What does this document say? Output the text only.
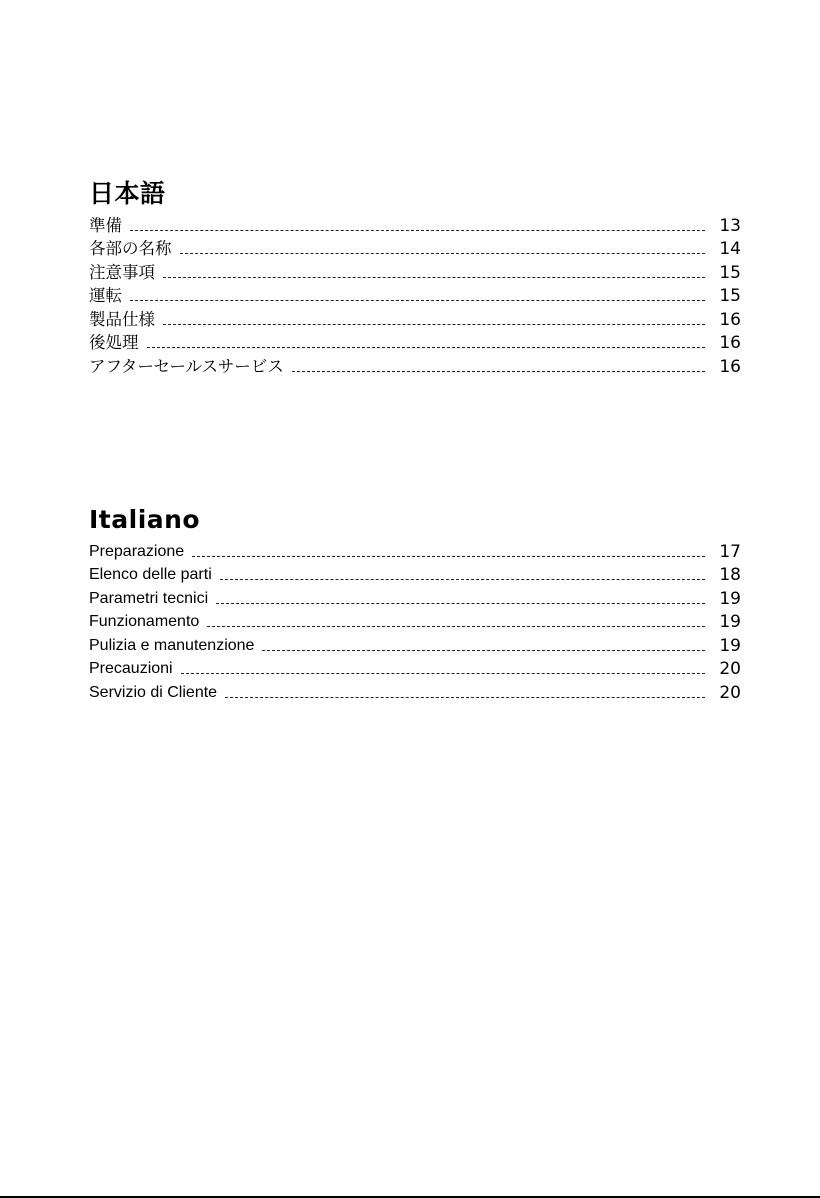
日本語
準備	13
各部の名称	14
注意事項	15
運転	15
製品仕様	16
後処理	16
アフターセールスサービス	16
Italiano
Preparazione	17
Elenco delle parti	18
Parametri tecnici	19
Funzionamento	19
Pulizia e manutenzione	19
Precauzioni	20
Servizio di Cliente	20
